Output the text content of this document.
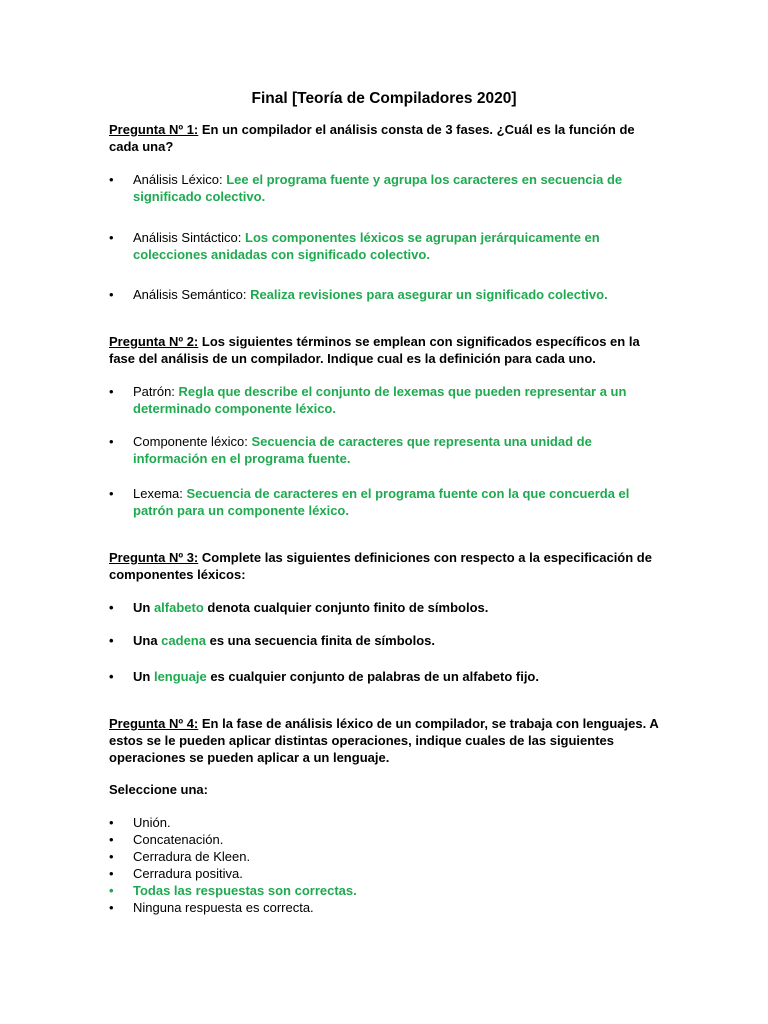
Final [Teoría de Compiladores 2020]
Pregunta Nº 1: En un compilador el análisis consta de 3 fases. ¿Cuál es la función de cada una?
• Análisis Léxico: Lee el programa fuente y agrupa los caracteres en secuencia de significado colectivo.
• Análisis Sintáctico: Los componentes léxicos se agrupan jerárquicamente en colecciones anidadas con significado colectivo.
• Análisis Semántico: Realiza revisiones para asegurar un significado colectivo.
Pregunta Nº 2: Los siguientes términos se emplean con significados específicos en la fase del análisis de un compilador. Indique cual es la definición para cada uno.
• Patrón: Regla que describe el conjunto de lexemas que pueden representar a un determinado componente léxico.
• Componente léxico: Secuencia de caracteres que representa una unidad de información en el programa fuente.
• Lexema: Secuencia de caracteres en el programa fuente con la que concuerda el patrón para un componente léxico.
Pregunta Nº 3: Complete las siguientes definiciones con respecto a la especificación de componentes léxicos:
• Un alfabeto denota cualquier conjunto finito de símbolos.
• Una cadena es una secuencia finita de símbolos.
• Un lenguaje es cualquier conjunto de palabras de un alfabeto fijo.
Pregunta Nº 4: En la fase de análisis léxico de un compilador, se trabaja con lenguajes. A estos se le pueden aplicar distintas operaciones, indique cuales de las siguientes operaciones se pueden aplicar a un lenguaje.
Seleccione una:
• Unión.
• Concatenación.
• Cerradura de Kleen.
• Cerradura positiva.
• Todas las respuestas son correctas.
• Ninguna respuesta es correcta.
